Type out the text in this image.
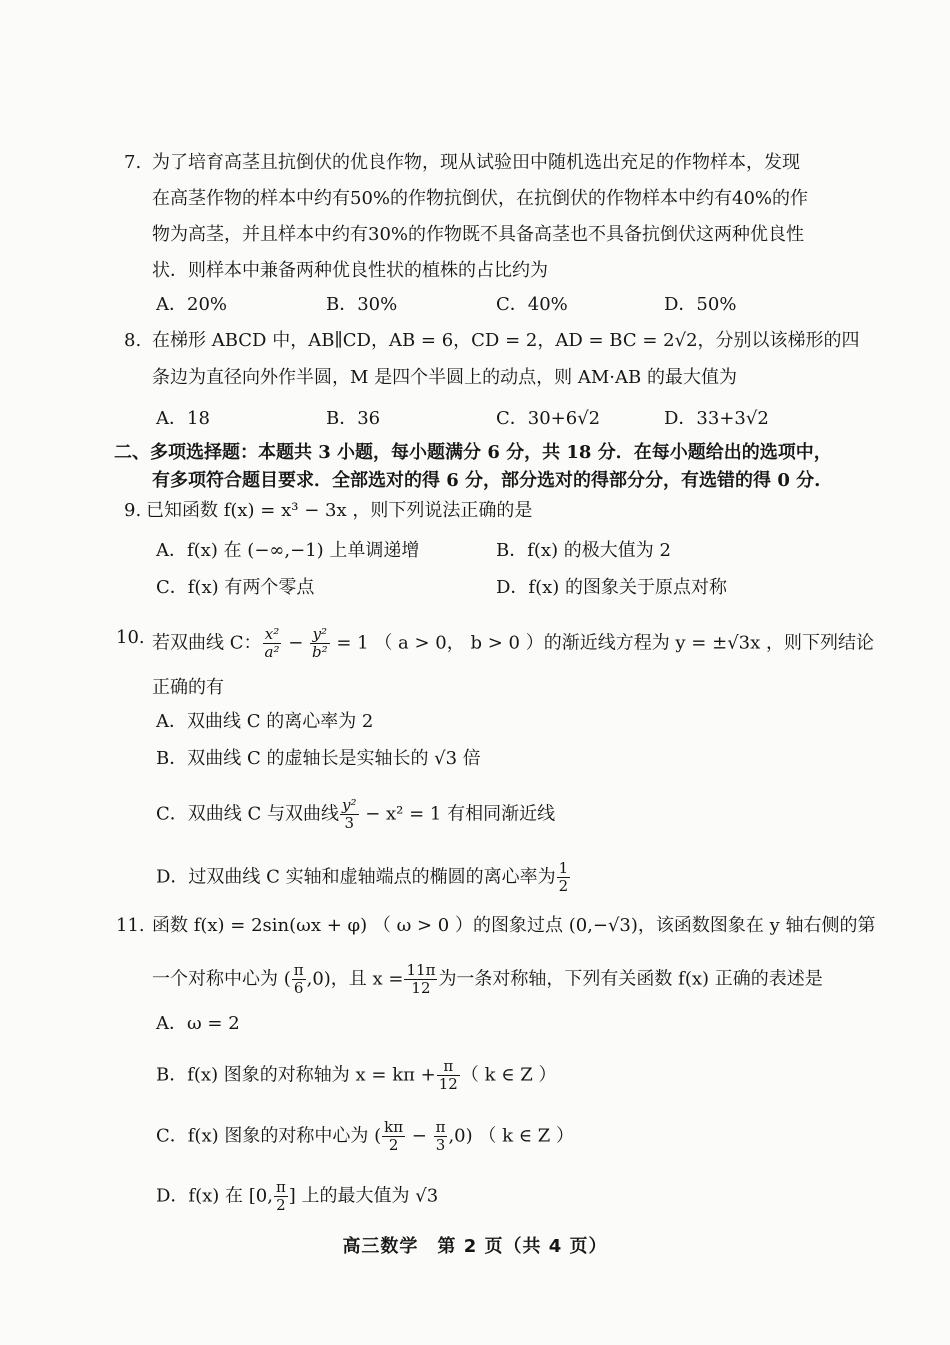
7. 为了培育高茎且抗倒伏的优良作物，现从试验田中随机选出充足的作物样本，发现
在高茎作物的样本中约有50%的作物抗倒伏，在抗倒伏的作物样本中约有40%的作
物为高茎，并且样本中约有30%的作物既不具备高茎也不具备抗倒伏这两种优良性
状．则样本中兼备两种优良性状的植株的占比约为
A．20%	B．30%	C．40%	D．50%
8. 在梯形 ABCD 中，AB∥CD，AB = 6，CD = 2，AD = BC = 2√2，分别以该梯形的四
条边为直径向外作半圆，M 是四个半圆上的动点，则 AM·AB 的最大值为
A．18	B．36	C．30+6√2	D．33+3√2
二、多项选择题：本题共 3 小题，每小题满分 6 分，共 18 分．在每小题给出的选项中，
有多项符合题目要求．全部选对的得 6 分，部分选对的得部分分，有选错的得 0 分.
9. 已知函数 f(x) = x³ − 3x ，则下列说法正确的是
A．f(x) 在 (−∞,−1) 上单调递增	B．f(x) 的极大值为 2
C．f(x) 有两个零点	D．f(x) 的图象关于原点对称
10. 若双曲线 C： $\frac{\text{x²}}{\text{a²}} - \frac{\text{y²}}{\text{b²}} = 1$ （ a > 0， b > 0 ）的渐近线方程为 y = ±√3x ，则下列结论
正确的有
A．双曲线 C 的离心率为 2
B．双曲线 C 的虚轴长是实轴长的 √3 倍
C．双曲线 C 与双曲线 $\frac{\text{y²}}{3} - x^2 = 1$ 有相同渐近线
D．过双曲线 C 实轴和虚轴端点的椭圆的离心率为 $\frac{1}{2}$
11. 函数 f(x) = 2sin(ωx + φ) （ ω > 0 ）的图象过点 (0,−√3)，该函数图象在 y 轴右侧的第
一个对称中心为 ( $\frac{\pi}{6} ,0$)，且 $x = \frac{11\pi}{12}$ 为一条对称轴，下列有关函数 f(x) 正确的表述是
A．ω = 2
B．f(x) 图象的对称轴为 $x = k\pi + \frac{\pi}{12}$ （ k ∈ Z ）
C．f(x) 图象的对称中心为 ( $\frac{k\pi}{2} - \frac{\pi}{3} ,0$) （ k ∈ Z ）
D．f(x) 在 [0, $\frac{\pi}{2}$ ] 上的最大值为 √3
高三数学　第 2 页（共 4 页）
